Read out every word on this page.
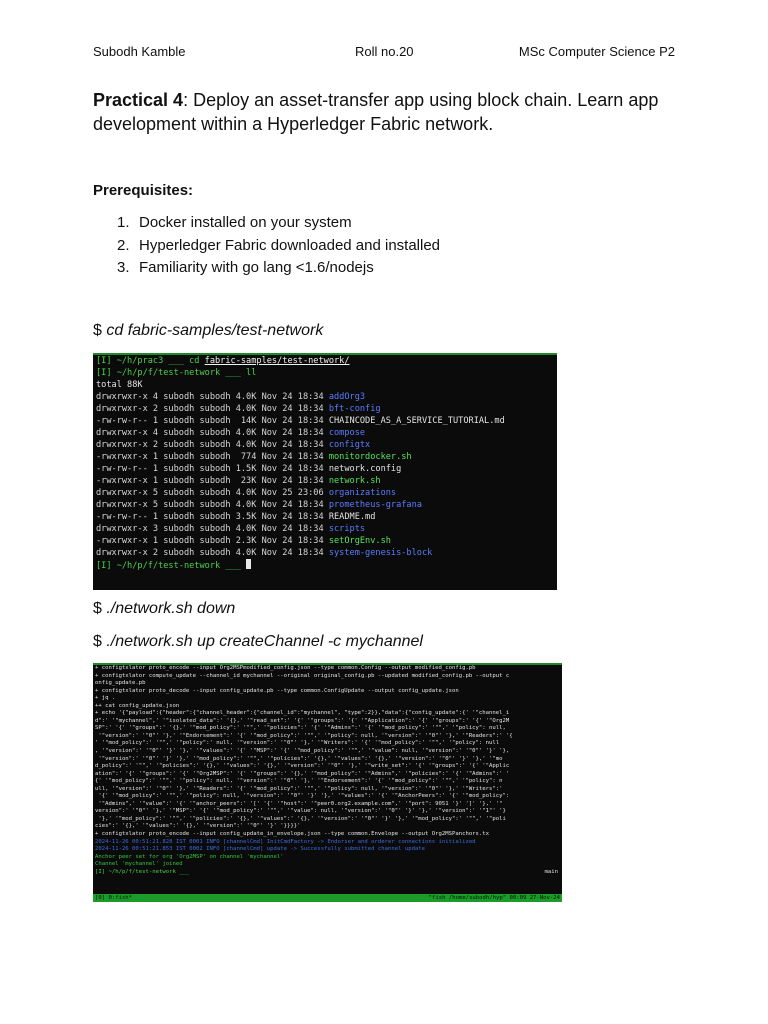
Subodh Kamble	Roll no.20	MSc Computer Science P2
Practical 4: Deploy an asset-transfer app using block chain. Learn app development within a Hyperledger Fabric network.
Prerequisites:
1. Docker installed on your system
2. Hyperledger Fabric downloaded and installed
3. Familiarity with go lang <1.6/nodejs
$ cd fabric-samples/test-network
[I] ~/h/prac3 ___ cd fabric-samples/test-network/
[I] ~/h/p/f/test-network ___ ll
total 88K
drwxrwxr-x 4 subodh subodh 4.0K Nov 24 18:34 addOrg3
drwxrwxr-x 2 subodh subodh 4.0K Nov 24 18:34 bft-config
-rw-rw-r-- 1 subodh subodh  14K Nov 24 18:34 CHAINCODE_AS_A_SERVICE_TUTORIAL.md
drwxrwxr-x 4 subodh subodh 4.0K Nov 24 18:34 compose
drwxrwxr-x 2 subodh subodh 4.0K Nov 24 18:34 configtx
-rwxrwxr-x 1 subodh subodh  774 Nov 24 18:34 monitordocker.sh
-rw-rw-r-- 1 subodh subodh 1.5K Nov 24 18:34 network.config
-rwxrwxr-x 1 subodh subodh  23K Nov 24 18:34 network.sh
drwxrwxr-x 5 subodh subodh 4.0K Nov 25 23:06 organizations
drwxrwxr-x 5 subodh subodh 4.0K Nov 24 18:34 prometheus-grafana
-rw-rw-r-- 1 subodh subodh 3.5K Nov 24 18:34 README.md
drwxrwxr-x 3 subodh subodh 4.0K Nov 24 18:34 scripts
-rwxrwxr-x 1 subodh subodh 2.3K Nov 24 18:34 setOrgEnv.sh
drwxrwxr-x 2 subodh subodh 4.0K Nov 24 18:34 system-genesis-block
[I] ~/h/p/f/test-network ___
$ ./network.sh down
$ ./network.sh up createChannel -c mychannel
+ configtxlator proto_encode --input Org2MSPmodified_config.json --type common.Config --output modified_config.pb
+ configtxlator compute_update --channel_id mychannel --original original_config.pb --updated modified_config.pb --output c
onfig_update.pb
+ configtxlator proto_decode --input config_update.pb --type common.ConfigUpdate --output config_update.json
+ jq .
++ cat config_update.json
+ echo '{"payload":{"header":{"channel_header":{"channel_id":"mychannel", "type":2}},"data":{"config_update":{' '"channel_i
d":' '"mychannel",' '"isolated_data":' '{},' '"read_set":' '{' '"groups":' '{' '"Application":' '{' '"groups":' '{' '"Org2M
SP":' '{' '"groups":' '{},' '"mod_policy":' '"",' '"policies":' '{' '"Admins":' '{' '"mod_policy":' '"",' '"policy": null,
'"version":' '"0"' '},' '"Endorsement":' '{' '"mod_policy":' '"",' '"policy": null, '"version":' '"0"' '},' '"Readers":' '{
' '"mod_policy":' '"",' '"policy":' null, '"version":' '"0"' '},' '"Writers":' '{' '"mod_policy":' '"",' '"policy": null
, '"version":' '"0"' '}' '},' '"values":' '{' '"MSP":' '{' '"mod_policy":' '"",' '"value": null, '"version":' '"0"' '}' '},
'"version":' '"0"' '}' '},' '"mod_policy":' '"",' '"policies":' '{},' '"values":' '{},' '"version":' '"0"' '}' '},' '"mo
d_policy":' '"",' '"policies":' '{},' '"values":' '{},' '"version":' '"0"' '},' '"write_set":' '{' '"groups":' '{' '"Applic
ation":' '{' '"groups":' '{' '"Org2MSP":' '{' '"groups":' '{},' '"mod_policy":' '"Admins",' '"policies":' '{' '"Admins":' '
{' '"mod_policy":' '"",' '"policy": null, '"version":' '"0"' '},' '"Endorsement":' '{' '"mod_policy":' '"",' '"policy": n
ull, '"version":' '"0"' '},' '"Readers":' '{' '"mod_policy":' '"",' '"policy": null, '"version":' '"0"' '},' '"Writers":'
'{' '"mod_policy":' '"",' '"policy": null, '"version":' '"0"' '}' '},' '"values":' '{' '"AnchorPeers":' '{' '"mod_policy":
'"Admins",' '"value":' '{' '"anchor_peers":' '[' '{' '"host":' '"peer0.org2.example.com",' '"port": 9051 '}' ']' '},' '"
version":' '"0"' '},' '"MSP":' '{' '"mod_policy":' '"",' '"value": null, '"version":' '"0"' '}' '},' '"version":' '"1"' '}
'},' '"mod_policy":' '"",' '"policies":' '{},' '"values":' '{},' '"version":' '"0"' '}' '},' '"mod_policy":' '"",' '"poli
cies":' '{},' '"values":' '{},' '"version":' '"0"' '}' '}}}}'
+ configtxlator proto_encode --input config_update_in_envelope.json --type common.Envelope --output Org2MSPanchors.tx
2024-11-26 00:51:21.828 IST 0001 INFO [channelCmd] InitCmdFactory -> Endorser and orderer connections initialized
2024-11-26 00:51:21.853 IST 0002 INFO [channelCmd] update -> Successfully submitted channel update
Anchor peer set for org 'Org2MSP' on channel 'mychannel'
Channel 'mychannel' joined
[I] ~/h/p/f/test-network ___	main
[0] 0:fish*	"fish /home/subodh/hyp" 00:09 27-Nov-24
